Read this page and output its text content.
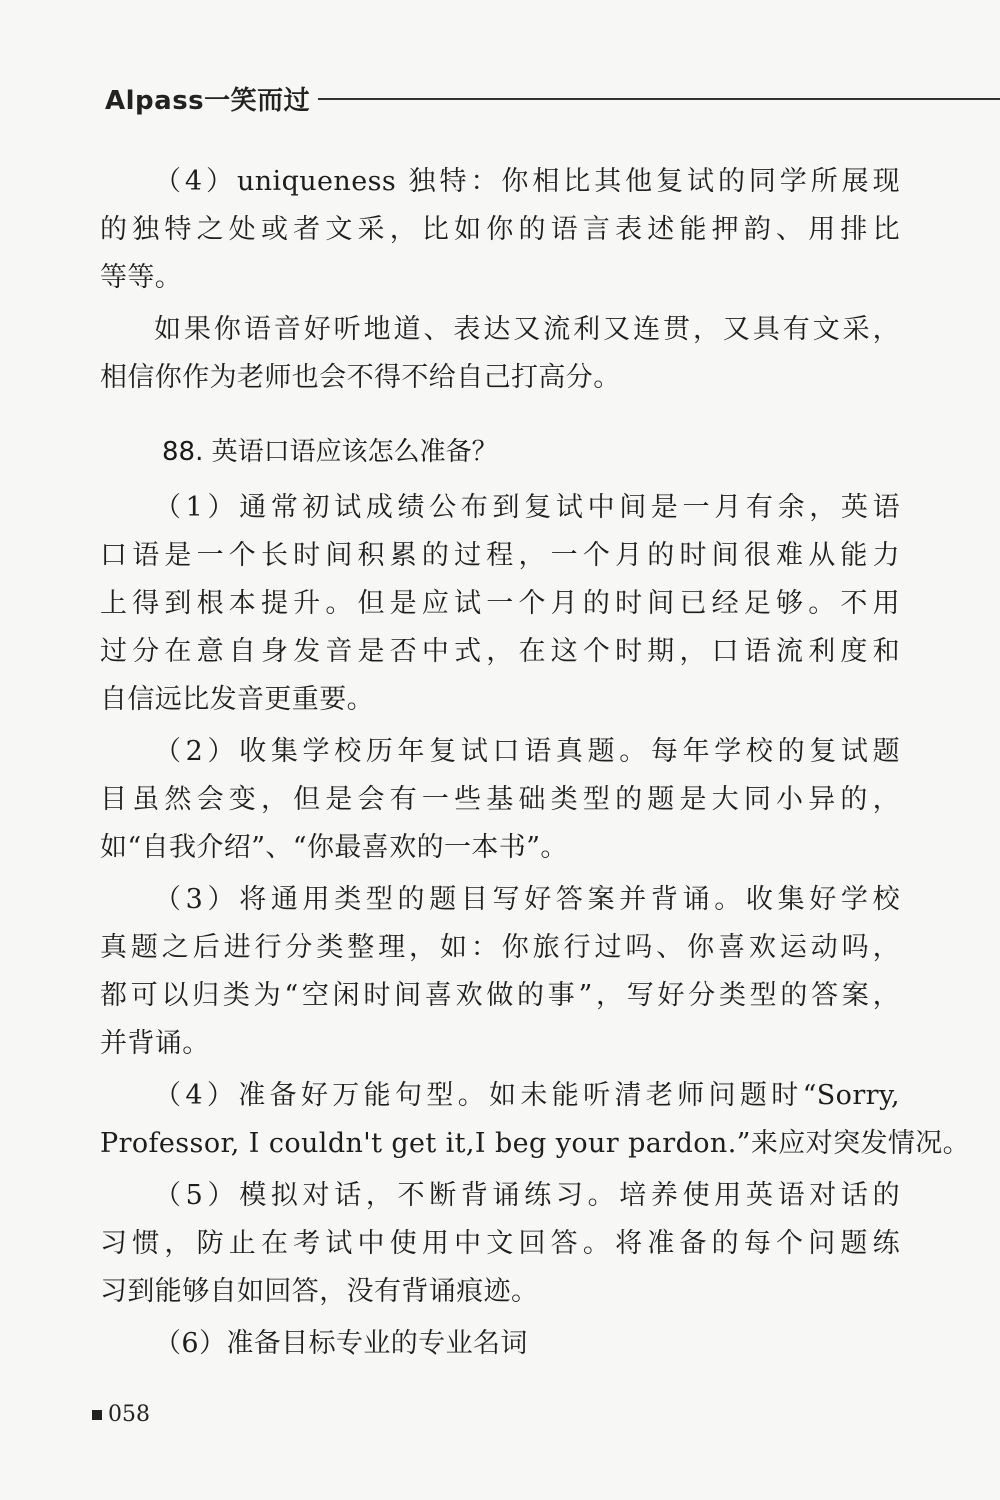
Alpass一笑而过
（4）uniqueness 独特：你相比其他复试的同学所展现
的独特之处或者文采，比如你的语言表述能押韵、用排比
等等。
如果你语音好听地道、表达又流利又连贯，又具有文采，
相信你作为老师也会不得不给自己打高分。
88. 英语口语应该怎么准备？
（1）通常初试成绩公布到复试中间是一月有余，英语
口语是一个长时间积累的过程，一个月的时间很难从能力
上得到根本提升。但是应试一个月的时间已经足够。不用
过分在意自身发音是否中式，在这个时期，口语流利度和
自信远比发音更重要。
（2）收集学校历年复试口语真题。每年学校的复试题
目虽然会变，但是会有一些基础类型的题是大同小异的，
如“自我介绍”、“你最喜欢的一本书”。
（3）将通用类型的题目写好答案并背诵。收集好学校
真题之后进行分类整理，如：你旅行过吗、你喜欢运动吗，
都可以归类为“空闲时间喜欢做的事”，写好分类型的答案，
并背诵。
（4）准备好万能句型。如未能听清老师问题时“Sorry,
Professor, I couldn't get it,I beg your pardon.”来应对突发情况。
（5）模拟对话，不断背诵练习。培养使用英语对话的
习惯，防止在考试中使用中文回答。将准备的每个问题练
习到能够自如回答，没有背诵痕迹。
（6）准备目标专业的专业名词
058
